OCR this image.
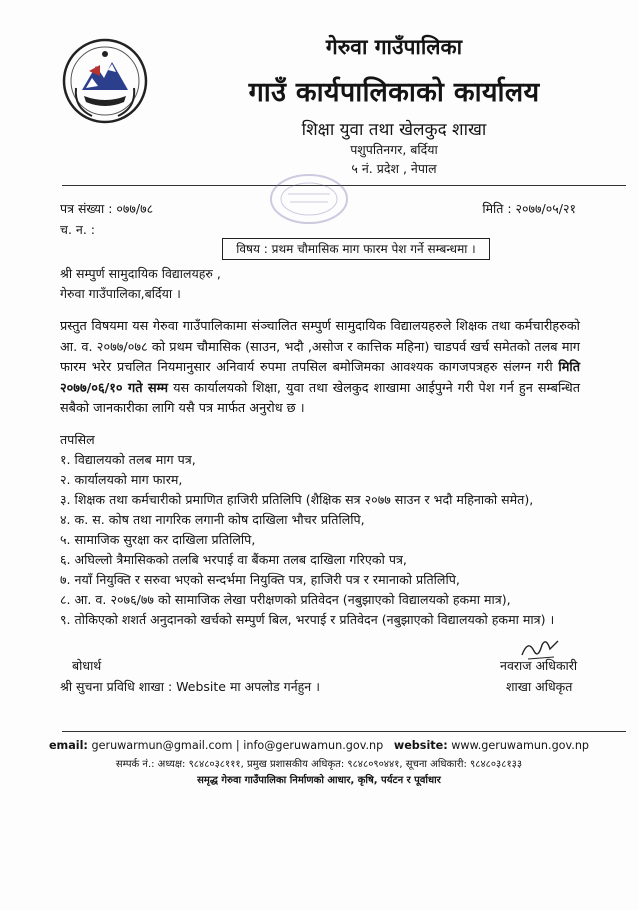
गेरुवा गाउँपालिका
गाउँ कार्यपालिकाको कार्यालय
शिक्षा युवा तथा खेलकुद शाखा
पशुपतिनगर, बर्दिया
५ नं. प्रदेश , नेपाल
पत्र संख्या : ०७७/७८
च. न. :
मिति : २०७७/०५/२१
विषय : प्रथम चौमासिक माग फारम पेश गर्ने सम्बन्धमा ।
श्री सम्पुर्ण सामुदायिक विद्यालयहरु ,
गेरुवा गाउँपालिका,बर्दिया ।
प्रस्तुत विषयमा यस गेरुवा गाउँपालिकामा संञ्चालित सम्पुर्ण सामुदायिक विद्यालयहरुले शिक्षक तथा कर्मचारीहरुको आ. व. २०७७/०७८ को प्रथम चौमासिक (साउन, भदौ ,असोज र कात्तिक महिना) चाडपर्व खर्च समेतको तलब माग फारम भरेर प्रचलित नियमानुसार अनिवार्य रुपमा तपसिल बमोजिमका आवश्यक कागजपत्रहरु संलग्न गरी मिति २०७७/०६/१० गते सम्म यस कार्यालयको शिक्षा, युवा तथा खेलकुद शाखामा आईपुग्ने गरी पेश गर्न हुन सम्बन्धित सबैको जानकारीका लागि यसै पत्र मार्फत अनुरोध छ ।
तपसिल
१. विद्यालयको तलब माग पत्र,
२. कार्यालयको माग फारम,
३. शिक्षक तथा कर्मचारीको प्रमाणित हाजिरी प्रतिलिपि (शैक्षिक सत्र २०७७ साउन र भदौ महिनाको समेत),
४. क. स. कोष तथा नागरिक लगानी कोष दाखिला भौचर प्रतिलिपि,
५. सामाजिक सुरक्षा कर दाखिला प्रतिलिपि,
६. अघिल्लो त्रैमासिकको तलबि भरपाई वा बैंकमा तलब दाखिला गरिएको पत्र,
७. नयाँ नियुक्ति र सरुवा भएको सन्दर्भमा नियुक्ति पत्र, हाजिरी पत्र र रमानाको प्रतिलिपि,
८. आ. व. २०७६/७७ को सामाजिक लेखा परीक्षणको प्रतिवेदन (नबुझाएको विद्यालयको हकमा मात्र),
९. तोकिएको शशर्त अनुदानको खर्चको सम्पुर्ण बिल, भरपाई र प्रतिवेदन (नबुझाएको विद्यालयको हकमा मात्र) ।
बोधार्थ
श्री सुचना प्रविधि शाखा : Website मा अपलोड गर्नहुन ।
नवराज अधिकारी
शाखा अधिकृत
email: geruwarmun@gmail.com | info@geruwamun.gov.np website: www.geruwamun.gov.np
सम्पर्क नं.: अध्यक्ष: ९८४८०३८१११, प्रमुख प्रशासकीय अधिकृत: ९८४८०९०४४१, सूचना अधिकारी: ९८४८०३८१३३
समृद्ध गेरुवा गाउँपालिका निर्माणको आधार, कृषि, पर्यटन र पूर्वाधार
